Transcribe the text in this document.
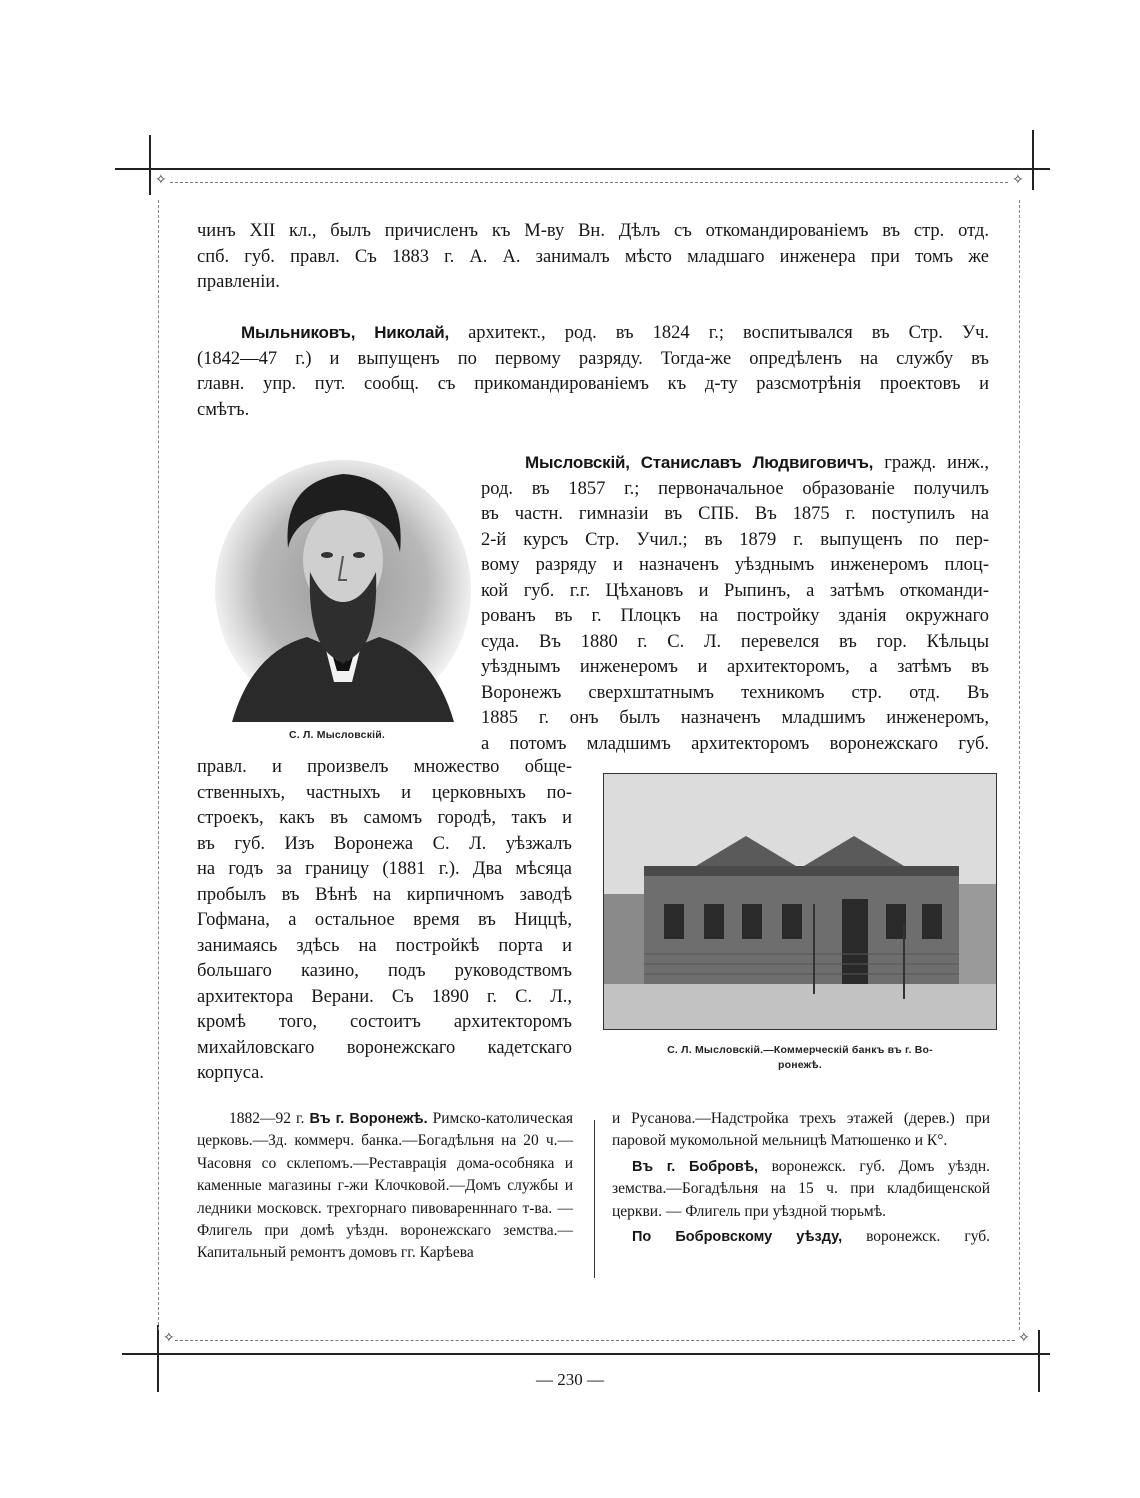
✧	✧
✧	✧
чинъ XII кл., былъ причисленъ къ М-ву Вн. Дѣлъ съ откомандированіемъ въ стр. отд.
спб. губ. правл. Съ 1883 г. А. А. занималъ мѣсто младшаго инженера при томъ же
правленіи.
Мыльниковъ, Николай, архитект., род. въ 1824 г.; воспитывался въ Стр. Уч.
(1842—47 г.) и выпущенъ по первому разряду. Тогда-же опредѣленъ на службу въ
главн. упр. пут. сообщ. съ прикомандированіемъ къ д-ту разсмотрѣнія проектовъ и
смѣтъ.
С. Л. Мысловскій.
Мысловскій, Станиславъ Людвиговичъ, гражд. инж.,
род. въ 1857 г.; первоначальное образованіе получилъ
въ частн. гимназіи въ СПБ. Въ 1875 г. поступилъ на
2-й курсъ Стр. Учил.; въ 1879 г. выпущенъ по пер-
вому разряду и назначенъ уѣзднымъ инженеромъ плоц-
кой губ. г.г. Цѣхановъ и Рыпинъ, а затѣмъ откоманди-
рованъ въ г. Плоцкъ на постройку зданія окружнаго
суда. Въ 1880 г. С. Л. перевелся въ гор. Кѣльцы
уѣзднымъ инженеромъ и архитекторомъ, а затѣмъ въ
Воронежъ сверхштатнымъ техникомъ стр. отд. Въ
1885 г. онъ былъ назначенъ младшимъ инженеромъ,
а потомъ младшимъ архитекторомъ воронежскаго губ.
правл. и произвелъ множество обще-
ственныхъ, частныхъ и церковныхъ по-
строекъ, какъ въ самомъ городѣ, такъ и
въ губ. Изъ Воронежа С. Л. уѣзжалъ
на годъ за границу (1881 г.). Два мѣсяца
пробылъ въ Вѣнѣ на кирпичномъ заводѣ
Гофмана, а остальное время въ Ниццѣ,
занимаясь здѣсь на постройкѣ порта и
большаго казино, подъ руководствомъ
архитектора Верани. Съ 1890 г. С. Л.,
кромѣ того, состоитъ архитекторомъ
михайловскаго воронежскаго кадетскаго
корпуса.
С. Л. Мысловскій.—Коммерческій банкъ въ г. Во-
ронежѣ.
1882—92 г. Въ г. Воронежѣ. Римско-католическая церковь.—Зд. коммерч. банка.—Богадѣльня на 20 ч.—Часовня со склепомъ.—Реставрація дома-особняка и каменные магазины г-жи Клочковой.—Домъ службы и ледники московск. трехгорнаго пивоваренннаго т-ва. — Флигель при домѣ уѣздн. воронежскаго земства.—Капитальный ремонтъ домовъ гг. Карѣева

и Русанова.—Надстройка трехъ этажей (дерев.) при паровой мукомольной мельницѣ Матюшенко и К°.

Въ г. Бобровѣ, воронежск. губ. Домъ уѣздн. земства.—Богадѣльня на 15 ч. при кладбищенской церкви. — Флигель при уѣздной тюрьмѣ.

По Бобровскому уѣзду, воронежск. губ.

— 230 —
